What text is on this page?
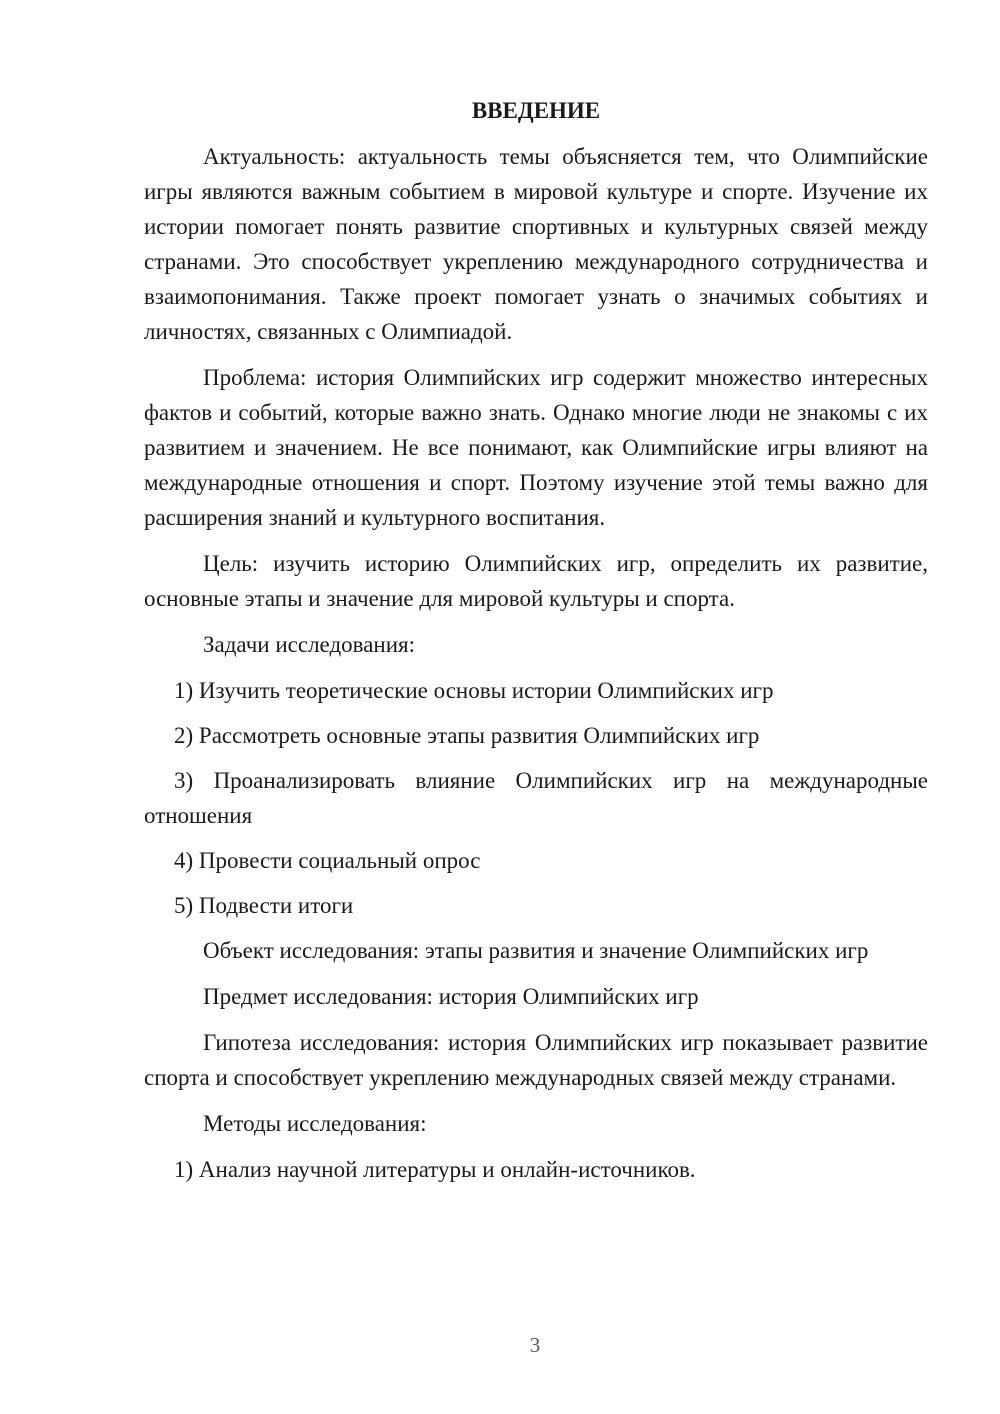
ВВЕДЕНИЕ

Актуальность: актуальность темы объясняется тем, что Олимпийские игры являются важным событием в мировой культуре и спорте. Изучение их истории помогает понять развитие спортивных и культурных связей между странами. Это способствует укреплению международного сотрудничества и взаимопонимания. Также проект помогает узнать о значимых событиях и личностях, связанных с Олимпиадой.

Проблема: история Олимпийских игр содержит множество интересных фактов и событий, которые важно знать. Однако многие люди не знакомы с их развитием и значением. Не все понимают, как Олимпийские игры влияют на международные отношения и спорт. Поэтому изучение этой темы важно для расширения знаний и культурного воспитания.

Цель: изучить историю Олимпийских игр, определить их развитие, основные этапы и значение для мировой культуры и спорта.

Задачи исследования:

1) Изучить теоретические основы истории Олимпийских игр

2) Рассмотреть основные этапы развития Олимпийских игр

3) Проанализировать влияние Олимпийских игр на международные отношения

4) Провести социальный опрос

5) Подвести итоги

Объект исследования: этапы развития и значение Олимпийских игр

Предмет исследования: история Олимпийских игр

Гипотеза исследования: история Олимпийских игр показывает развитие спорта и способствует укреплению международных связей между странами.

Методы исследования:

1) Анализ научной литературы и онлайн-источников.

3
